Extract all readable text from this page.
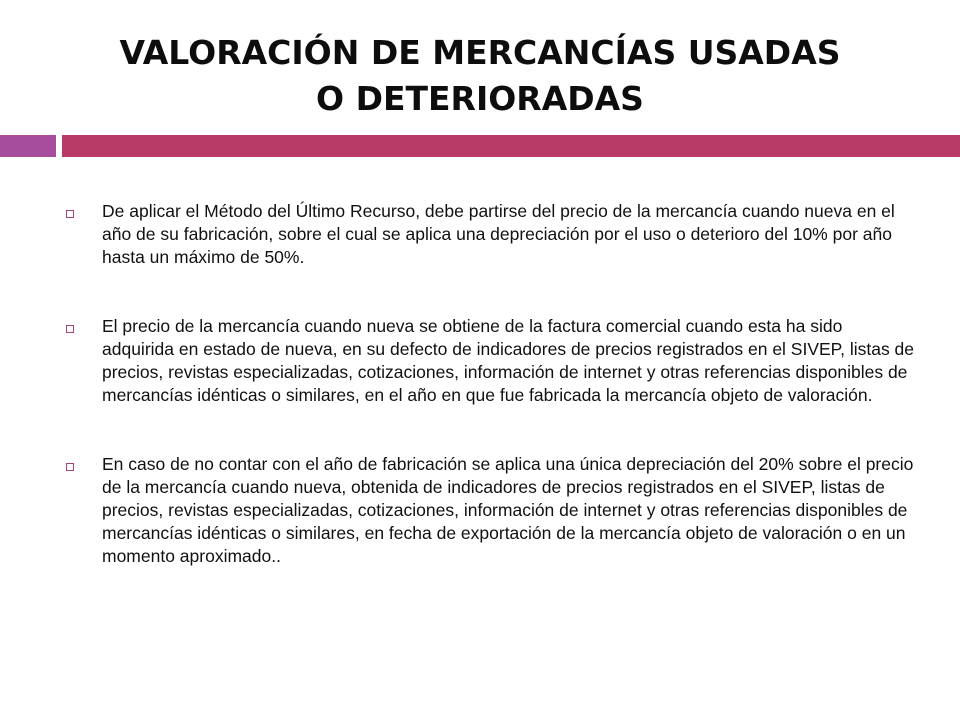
VALORACIÓN DE MERCANCÍAS USADAS
O DETERIORADAS
De aplicar el Método del Último Recurso, debe partirse del precio de la mercancía cuando nueva en el año de su fabricación, sobre el cual se aplica una depreciación por el uso o deterioro del 10% por año hasta un máximo de 50%.
El precio de la mercancía cuando nueva se obtiene de la factura comercial cuando esta ha sido adquirida en estado de nueva, en su defecto de indicadores de precios registrados en el SIVEP, listas de precios, revistas especializadas, cotizaciones, información de internet y otras referencias disponibles de mercancías idénticas o similares, en el año en que fue fabricada la mercancía objeto de valoración.
En caso de no contar con el año de fabricación se aplica una única depreciación del 20% sobre el precio de la mercancía cuando nueva, obtenida de indicadores de precios registrados en el SIVEP, listas de precios, revistas especializadas, cotizaciones, información de internet y otras referencias disponibles de mercancías idénticas o similares, en fecha de exportación de la mercancía objeto de valoración o en un momento aproximado..
